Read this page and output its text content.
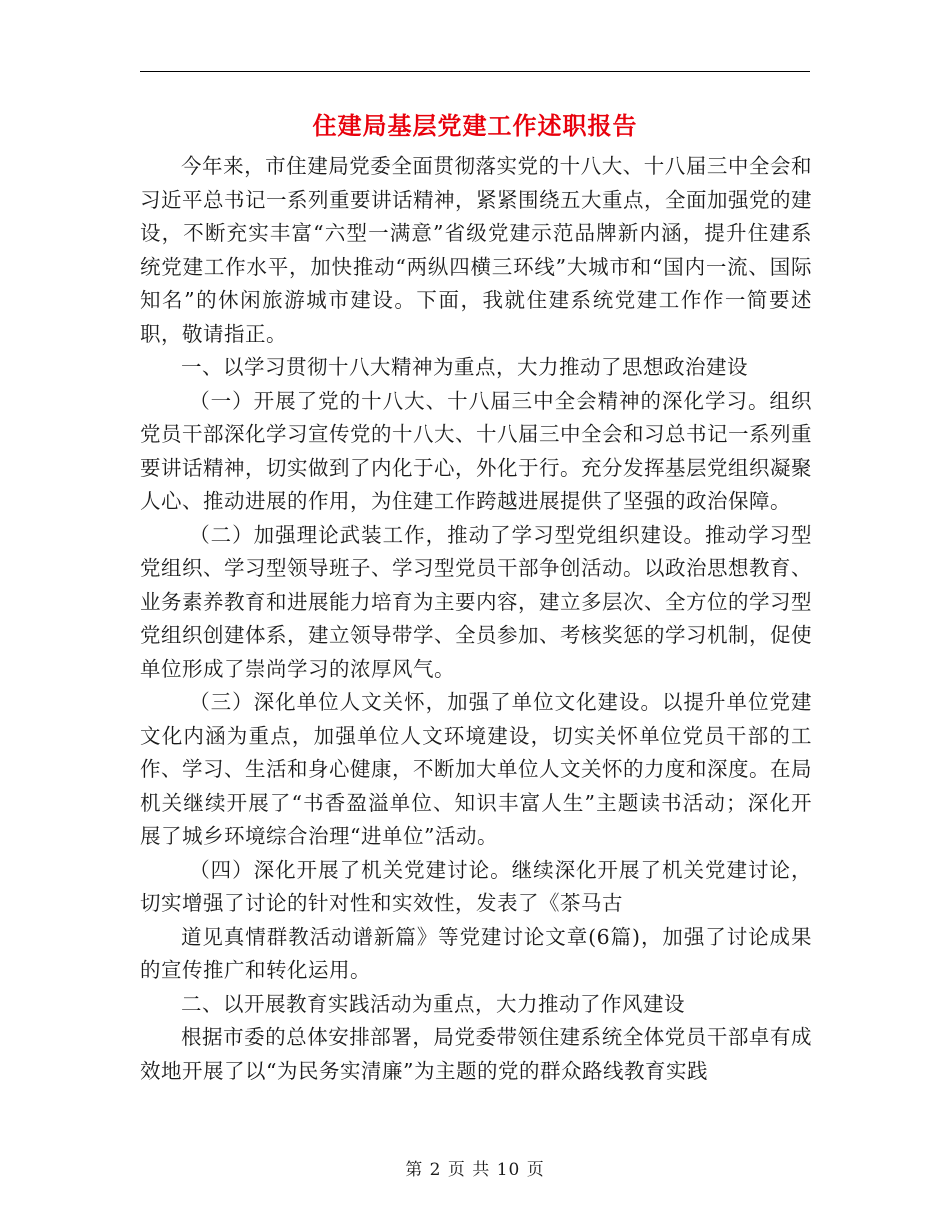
住建局基层党建工作述职报告

今年来，市住建局党委全面贯彻落实党的十八大、十八届三中全会和习近平总书记一系列重要讲话精神，紧紧围绕五大重点，全面加强党的建设，不断充实丰富“六型一满意”省级党建示范品牌新内涵，提升住建系统党建工作水平，加快推动“两纵四横三环线”大城市和“国内一流、国际知名”的休闲旅游城市建设。下面，我就住建系统党建工作作一简要述职，敬请指正。

一、以学习贯彻十八大精神为重点，大力推动了思想政治建设

（一）开展了党的十八大、十八届三中全会精神的深化学习。组织党员干部深化学习宣传党的十八大、十八届三中全会和习总书记一系列重要讲话精神，切实做到了内化于心，外化于行。充分发挥基层党组织凝聚人心、推动进展的作用，为住建工作跨越进展提供了坚强的政治保障。

（二）加强理论武装工作，推动了学习型党组织建设。推动学习型党组织、学习型领导班子、学习型党员干部争创活动。以政治思想教育、业务素养教育和进展能力培育为主要内容，建立多层次、全方位的学习型党组织创建体系，建立领导带学、全员参加、考核奖惩的学习机制，促使单位形成了崇尚学习的浓厚风气。

（三）深化单位人文关怀，加强了单位文化建设。以提升单位党建文化内涵为重点，加强单位人文环境建设，切实关怀单位党员干部的工作、学习、生活和身心健康，不断加大单位人文关怀的力度和深度。在局机关继续开展了“书香盈溢单位、知识丰富人生”主题读书活动；深化开展了城乡环境综合治理“进单位”活动。

（四）深化开展了机关党建讨论。继续深化开展了机关党建讨论，切实增强了讨论的针对性和实效性，发表了《茶马古

道见真情群教活动谱新篇》等党建讨论文章(6篇)，加强了讨论成果的宣传推广和转化运用。

二、以开展教育实践活动为重点，大力推动了作风建设

根据市委的总体安排部署，局党委带领住建系统全体党员干部卓有成效地开展了以“为民务实清廉”为主题的党的群众路线教育实践

第 2 页 共 10 页
